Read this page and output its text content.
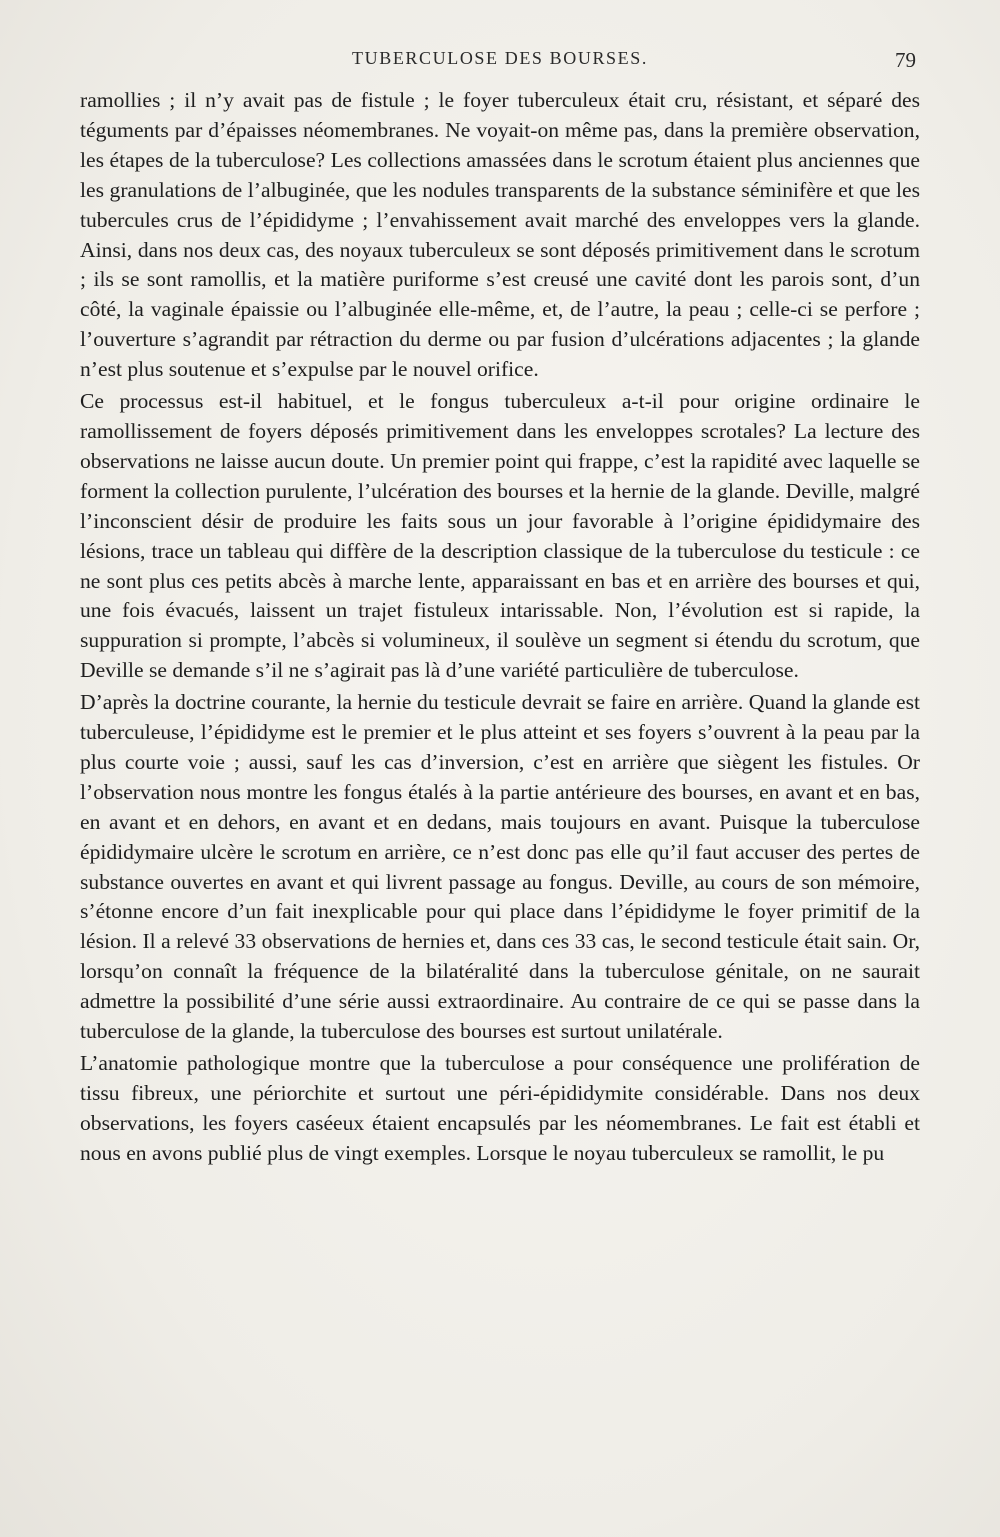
TUBERCULOSE DES BOURSES.	79

ramollies ; il n’y avait pas de fistule ; le foyer tuberculeux était cru, résistant, et séparé des téguments par d’épaisses néomembranes. Ne voyait-on même pas, dans la première observation, les étapes de la tuberculose? Les collections amassées dans le scrotum étaient plus anciennes que les granulations de l’albuginée, que les nodules transparents de la substance séminifère et que les tubercules crus de l’épididyme ; l’envahissement avait marché des enveloppes vers la glande. Ainsi, dans nos deux cas, des noyaux tuberculeux se sont déposés primitivement dans le scrotum ; ils se sont ramollis, et la matière puriforme s’est creusé une cavité dont les parois sont, d’un côté, la vaginale épaissie ou l’albuginée elle-même, et, de l’autre, la peau ; celle-ci se perfore ; l’ouverture s’agrandit par rétraction du derme ou par fusion d’ulcérations adjacentes ; la glande n’est plus soutenue et s’expulse par le nouvel orifice.

Ce processus est-il habituel, et le fongus tuberculeux a-t-il pour origine ordinaire le ramollissement de foyers déposés primitivement dans les enveloppes scrotales? La lecture des observations ne laisse aucun doute. Un premier point qui frappe, c’est la rapidité avec laquelle se forment la collection purulente, l’ulcération des bourses et la hernie de la glande. Deville, malgré l’inconscient désir de produire les faits sous un jour favorable à l’origine épididymaire des lésions, trace un tableau qui diffère de la description classique de la tuberculose du testicule : ce ne sont plus ces petits abcès à marche lente, apparaissant en bas et en arrière des bourses et qui, une fois évacués, laissent un trajet fistuleux intarissable. Non, l’évolution est si rapide, la suppuration si prompte, l’abcès si volumineux, il soulève un segment si étendu du scrotum, que Deville se demande s’il ne s’agirait pas là d’une variété particulière de tuberculose.

D’après la doctrine courante, la hernie du testicule devrait se faire en arrière. Quand la glande est tuberculeuse, l’épididyme est le premier et le plus atteint et ses foyers s’ouvrent à la peau par la plus courte voie ; aussi, sauf les cas d’inversion, c’est en arrière que siègent les fistules. Or l’observation nous montre les fongus étalés à la partie antérieure des bourses, en avant et en bas, en avant et en dehors, en avant et en dedans, mais toujours en avant. Puisque la tuberculose épididymaire ulcère le scrotum en arrière, ce n’est donc pas elle qu’il faut accuser des pertes de substance ouvertes en avant et qui livrent passage au fongus. Deville, au cours de son mémoire, s’étonne encore d’un fait inexplicable pour qui place dans l’épididyme le foyer primitif de la lésion. Il a relevé 33 observations de hernies et, dans ces 33 cas, le second testicule était sain. Or, lorsqu’on connaît la fréquence de la bilatéralité dans la tuberculose génitale, on ne saurait admettre la possibilité d’une série aussi extraordinaire. Au contraire de ce qui se passe dans la tuberculose de la glande, la tuberculose des bourses est surtout unilatérale.

L’anatomie pathologique montre que la tuberculose a pour conséquence une prolifération de tissu fibreux, une périorchite et surtout une péri-épididymite considérable. Dans nos deux observations, les foyers caséeux étaient encapsulés par les néomembranes. Le fait est établi et nous en avons publié plus de vingt exemples. Lorsque le noyau tuberculeux se ramollit, le pu
